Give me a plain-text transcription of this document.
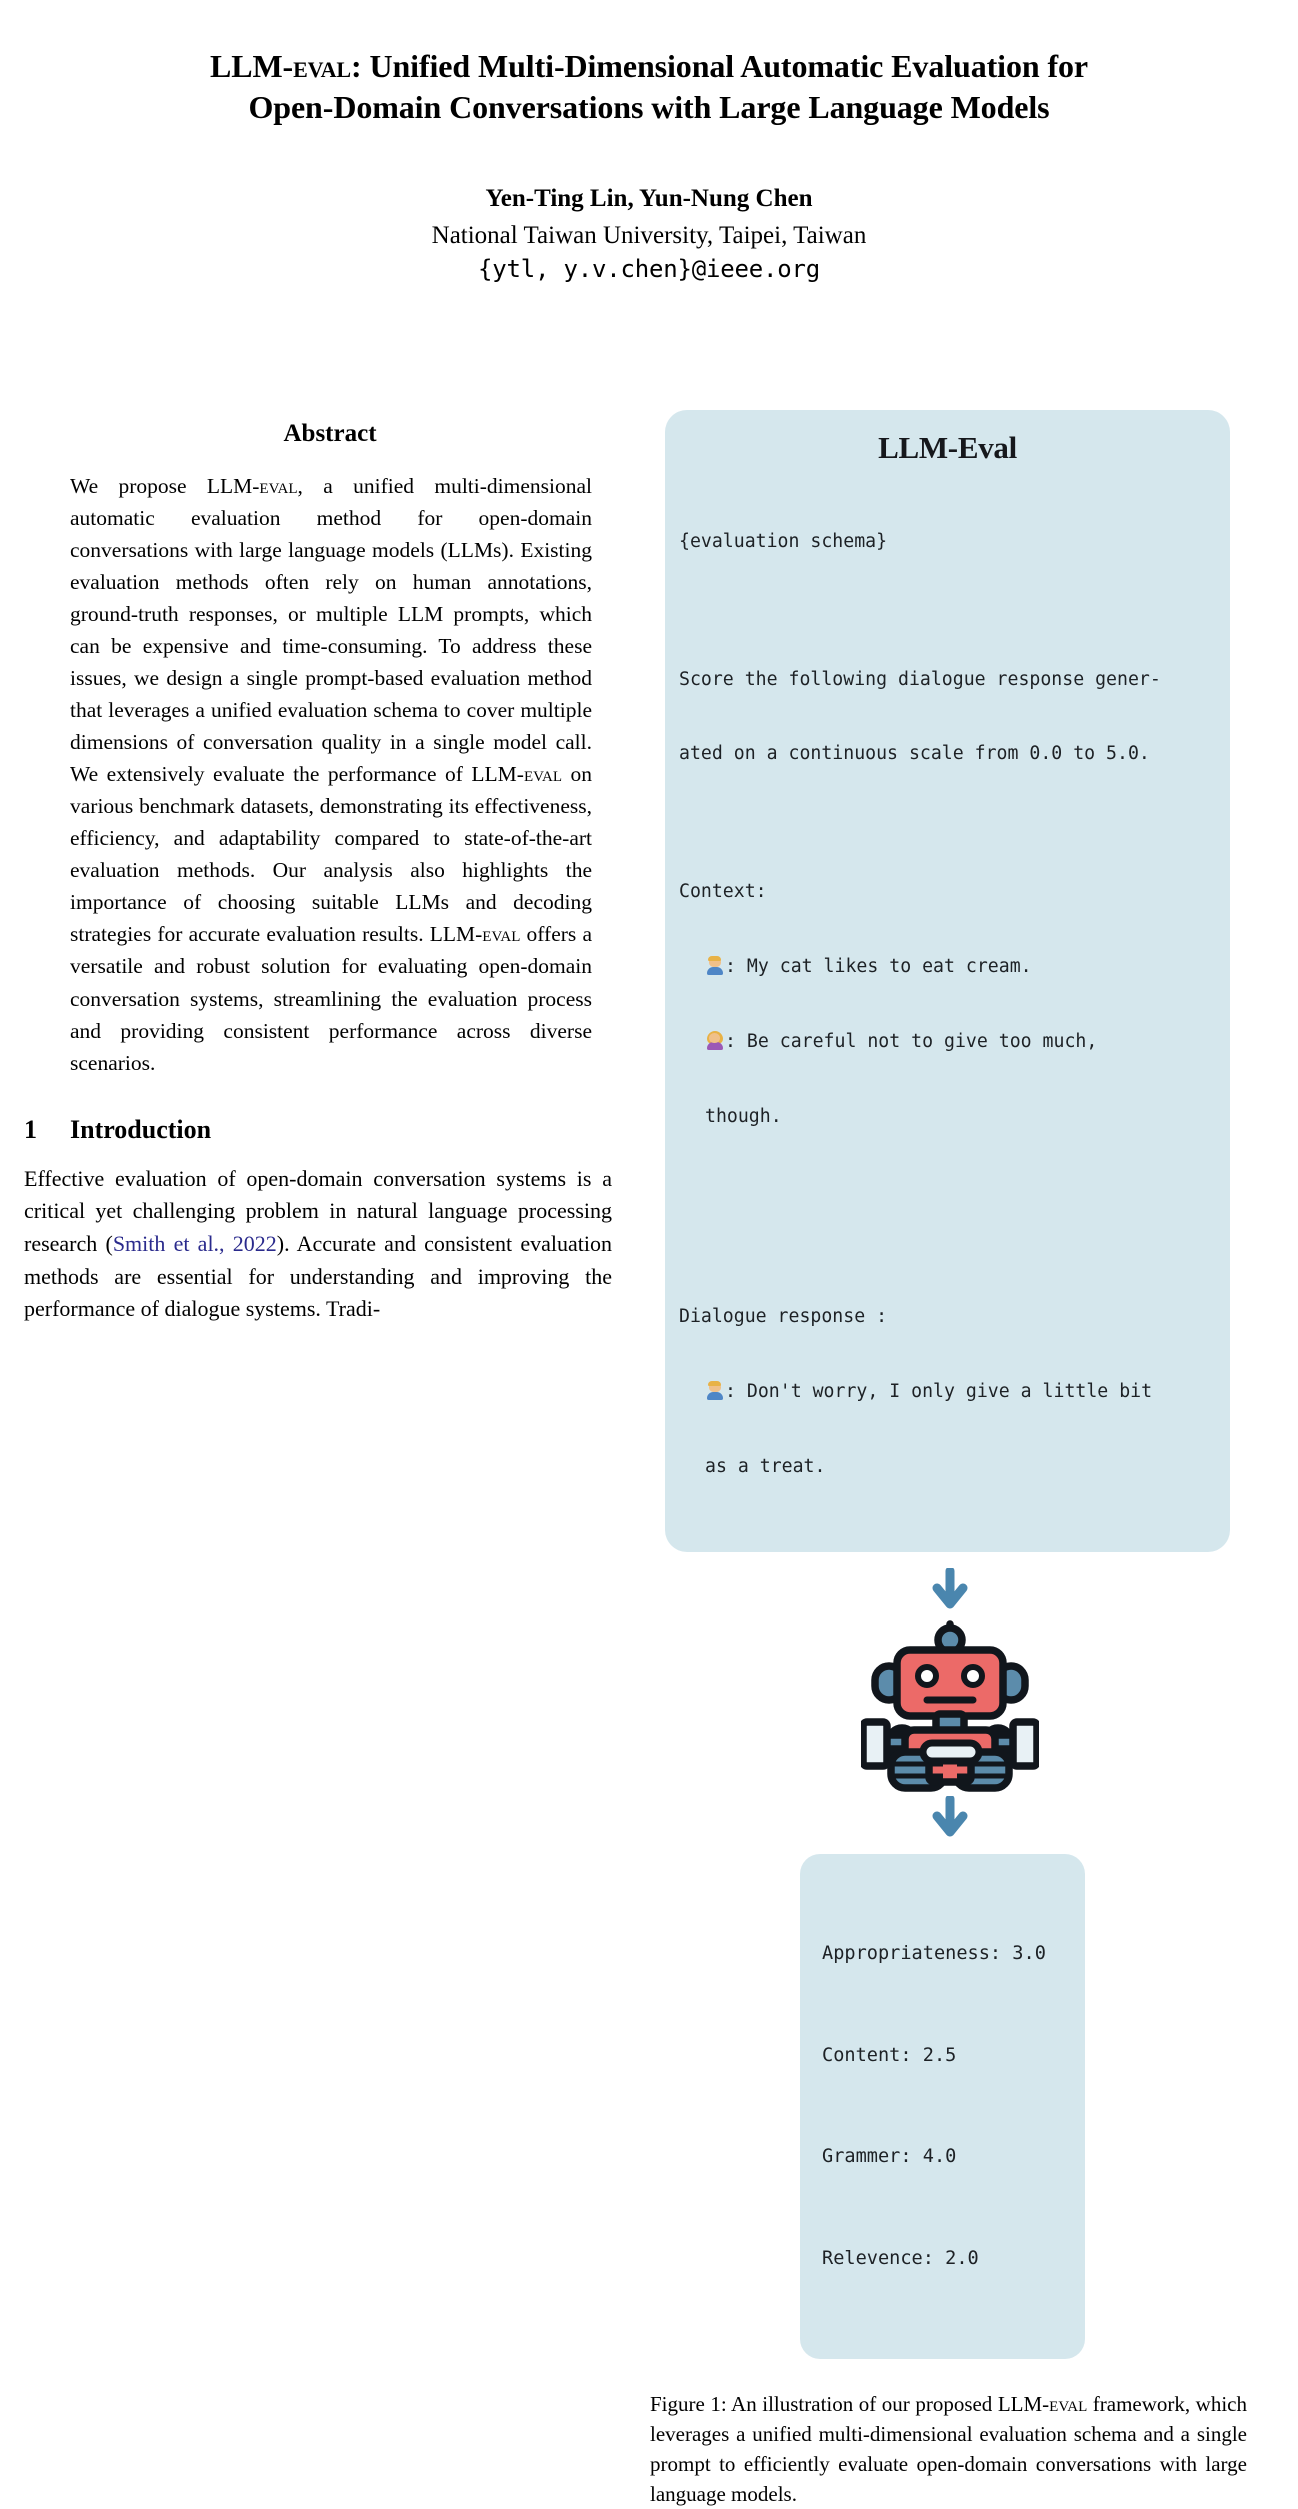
LLM-eval: Unified Multi-Dimensional Automatic Evaluation for
Open-Domain Conversations with Large Language Models
Yen-Ting Lin, Yun-Nung Chen
National Taiwan University, Taipei, Taiwan
{ytl, y.v.chen}@ieee.org
Abstract
We propose LLM-eval, a unified multi-dimensional automatic evaluation method for open-domain conversations with large language models (LLMs). Existing evaluation methods often rely on human annotations, ground-truth responses, or multiple LLM prompts, which can be expensive and time-consuming. To address these issues, we design a single prompt-based evaluation method that leverages a unified evaluation schema to cover multiple dimensions of conversation quality in a single model call. We extensively evaluate the performance of LLM-eval on various benchmark datasets, demonstrating its effectiveness, efficiency, and adaptability compared to state-of-the-art evaluation methods. Our analysis also highlights the importance of choosing suitable LLMs and decoding strategies for accurate evaluation results. LLM-eval offers a versatile and robust solution for evaluating open-domain conversation systems, streamlining the evaluation process and providing consistent performance across diverse scenarios.
1 Introduction
Effective evaluation of open-domain conversation systems is a critical yet challenging problem in natural language processing research (Smith et al., 2022). Accurate and consistent evaluation methods are essential for understanding and improving the performance of dialogue systems. Tradi-
LLM-Eval

{evaluation schema}

Score the following dialogue response gener-

ated on a continuous scale from 0.0 to 5.0.

Context:

: My cat likes to eat cream.

: Be careful not to give too much,

though.

Dialogue response :

: Don't worry, I only give a little bit

as a treat.

Appropriateness: 3.0

Content: 2.5

Grammer: 4.0

Relevence: 2.0

Figure 1: An illustration of our proposed LLM-eval framework, which leverages a unified multi-dimensional evaluation schema and a single prompt to efficiently evaluate open-domain conversations with large language models.
